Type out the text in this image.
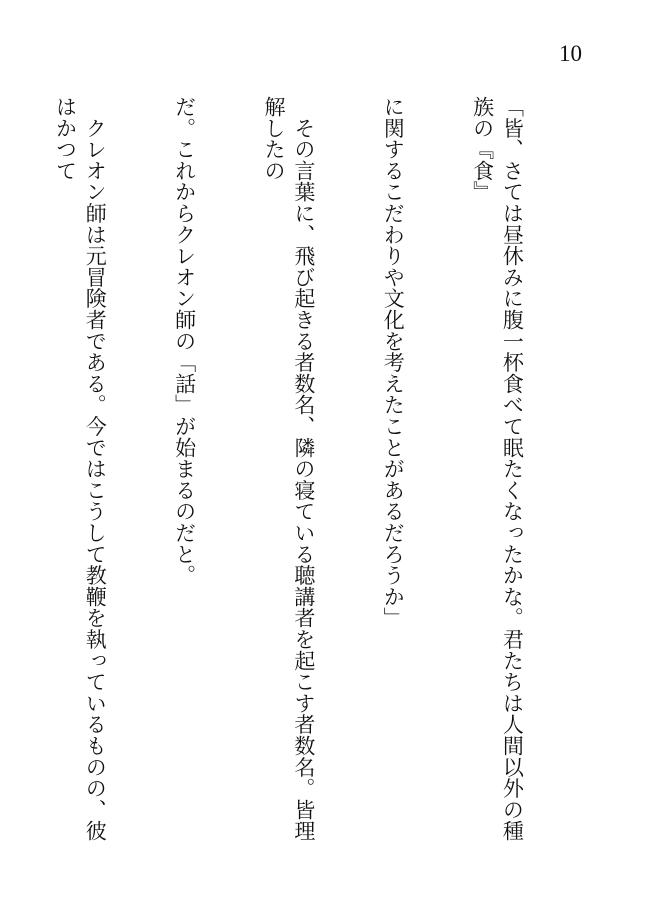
10

「皆、さては昼休みに腹一杯食べて眠たくなったかな。君たちは人間以外の種族の『食』

に関するこだわりや文化を考えたことがあるだろうか」

　その言葉に、飛び起きる者数名、隣の寝ている聴講者を起こす者数名。皆理解したの

だ。これからクレオン師の「話」が始まるのだと。

　クレオン師は元冒険者である。今ではこうして教鞭を執っているものの、彼はかつて
